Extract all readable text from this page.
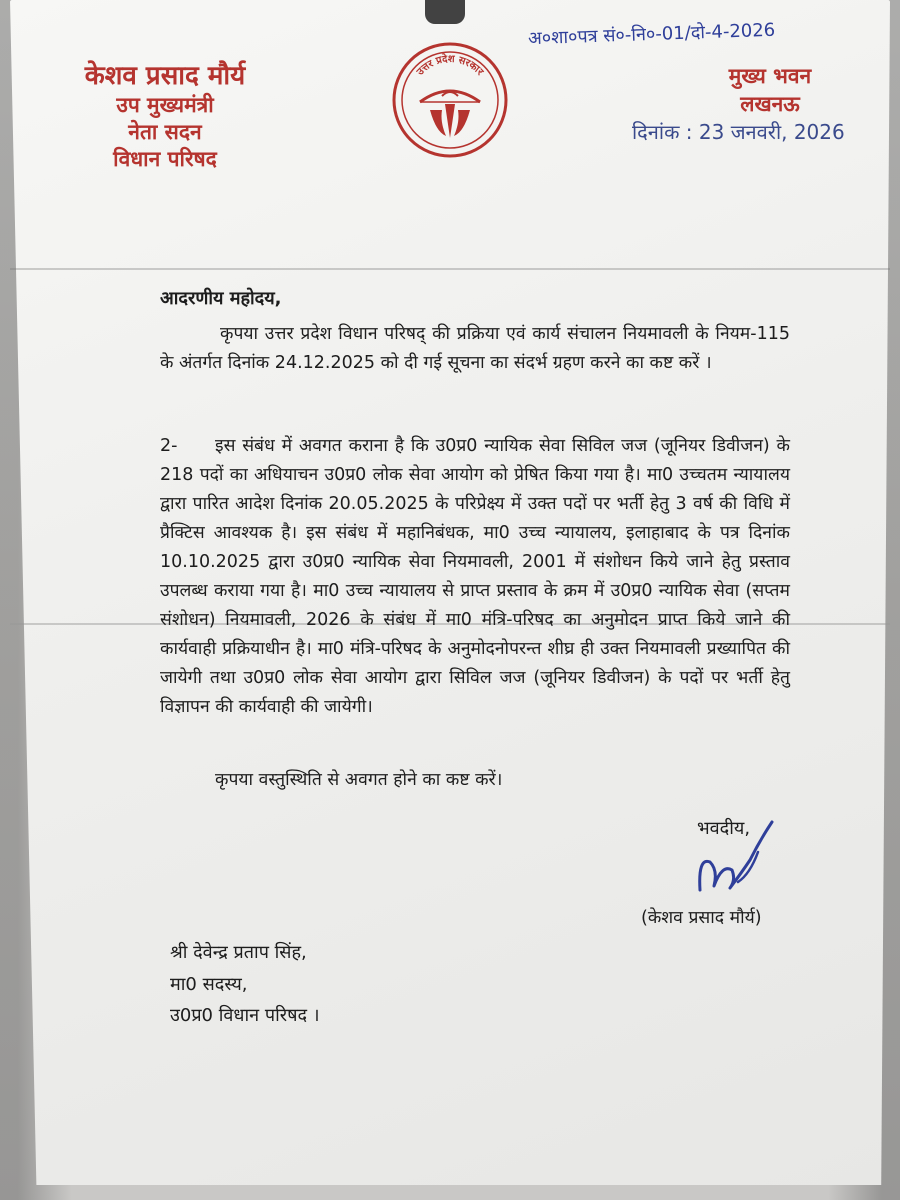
केशव प्रसाद मौर्य
उप मुख्यमंत्री
नेता सदन
विधान परिषद
उत्तर प्रदेश सरकार	मुख्य भवन
लखनऊ
अ०शा०पत्र सं०-नि०-01/दो-4-2026
दिनांक : 23 जनवरी, 2026
आदरणीय महोदय,
कृपया उत्तर प्रदेश विधान परिषद् की प्रक्रिया एवं कार्य संचालन नियमावली के नियम-115 के अंतर्गत दिनांक 24.12.2025 को दी गई सूचना का संदर्भ ग्रहण करने का कष्ट करें ।
2- इस संबंध में अवगत कराना है कि उ0प्र0 न्यायिक सेवा सिविल जज (जूनियर डिवीजन) के 218 पदों का अधियाचन उ0प्र0 लोक सेवा आयोग को प्रेषित किया गया है। मा0 उच्चतम न्यायालय द्वारा पारित आदेश दिनांक 20.05.2025 के परिप्रेक्ष्य में उक्त पदों पर भर्ती हेतु 3 वर्ष की विधि में प्रैक्टिस आवश्यक है। इस संबंध में महानिबंधक, मा0 उच्च न्यायालय, इलाहाबाद के पत्र दिनांक 10.10.2025 द्वारा उ0प्र0 न्यायिक सेवा नियमावली, 2001 में संशोधन किये जाने हेतु प्रस्ताव उपलब्ध कराया गया है। मा0 उच्च न्यायालय से प्राप्त प्रस्ताव के क्रम में उ0प्र0 न्यायिक सेवा (सप्तम संशोधन) नियमावली, 2026 के संबंध में मा0 मंत्रि-परिषद का अनुमोदन प्राप्त किये जाने की कार्यवाही प्रक्रियाधीन है। मा0 मंत्रि-परिषद के अनुमोदनोपरन्त शीघ्र ही उक्त नियमावली प्रख्यापित की जायेगी तथा उ0प्र0 लोक सेवा आयोग द्वारा सिविल जज (जूनियर डिवीजन) के पदों पर भर्ती हेतु विज्ञापन की कार्यवाही की जायेगी।
कृपया वस्तुस्थिति से अवगत होने का कष्ट करें।
भवदीय,
(केशव प्रसाद मौर्य)
श्री देवेन्द्र प्रताप सिंह,
मा0 सदस्य,
उ0प्र0 विधान परिषद ।
